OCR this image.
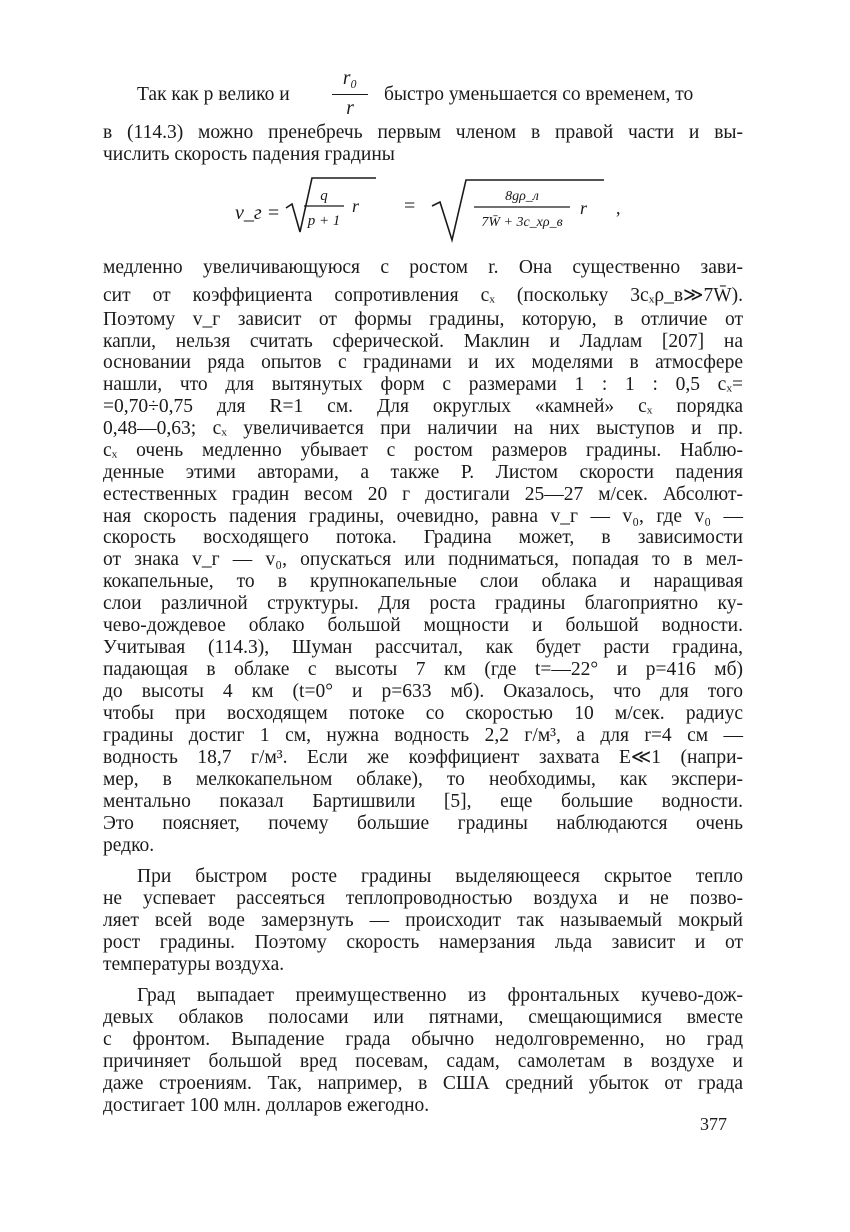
Так как p велико и
r₀
r
быстро уменьшается со временем, то
в (114.3) можно пренебречь первым членом в правой части и вы-
числить скорость падения градины
v_г =
q
p + 1
r =	8gρ_л
7W̄ + 3c_xρ_в
r ,
медленно увеличивающуюся с ростом r. Она существенно зави-
сит от коэффициента сопротивления cₓ (поскольку 3cₓρ_в≫7W̄).
Поэтому v_г зависит от формы градины, которую, в отличие от
капли, нельзя считать сферической. Маклин и Ладлам [207] на
основании ряда опытов с градинами и их моделями в атмосфере
нашли, что для вытянутых форм с размерами 1 : 1 : 0,5 cₓ=
=0,70÷0,75 для R=1 см. Для округлых «камней» cₓ порядка
0,48—0,63; cₓ увеличивается при наличии на них выступов и пр.
cₓ очень медленно убывает с ростом размеров градины. Наблю-
денные этими авторами, а также Р. Листом скорости падения
естественных градин весом 20 г достигали 25—27 м/сек. Абсолют-
ная скорость падения градины, очевидно, равна v_г — v₀, где v₀ —
скорость восходящего потока. Градина может, в зависимости
от знака v_г — v₀, опускаться или подниматься, попадая то в мел-
кокапельные, то в крупнокапельные слои облака и наращивая
слои различной структуры. Для роста градины благоприятно ку-
чево-дождевое облако большой мощности и большой водности.
Учитывая (114.3), Шуман рассчитал, как будет расти градина,
падающая в облаке с высоты 7 км (где t=—22° и p=416 мб)
до высоты 4 км (t=0° и p=633 мб). Оказалось, что для того
чтобы при восходящем потоке со скоростью 10 м/сек. радиус
градины достиг 1 см, нужна водность 2,2 г/м³, а для r=4 см —
водность 18,7 г/м³. Если же коэффициент захвата E≪1 (напри-
мер, в мелкокапельном облаке), то необходимы, как экспери-
ментально показал Бартишвили [5], еще большие водности.
Это поясняет, почему большие градины наблюдаются очень
редко.
При быстром росте градины выделяющееся скрытое тепло
не успевает рассеяться теплопроводностью воздуха и не позво-
ляет всей воде замерзнуть — происходит так называемый мокрый
рост градины. Поэтому скорость намерзания льда зависит и от
температуры воздуха.
Град выпадает преимущественно из фронтальных кучево-дож-
девых облаков полосами или пятнами, смещающимися вместе
с фронтом. Выпадение града обычно недолговременно, но град
причиняет большой вред посевам, садам, самолетам в воздухе и
даже строениям. Так, например, в США средний убыток от града
достигает 100 млн. долларов ежегодно.
377
